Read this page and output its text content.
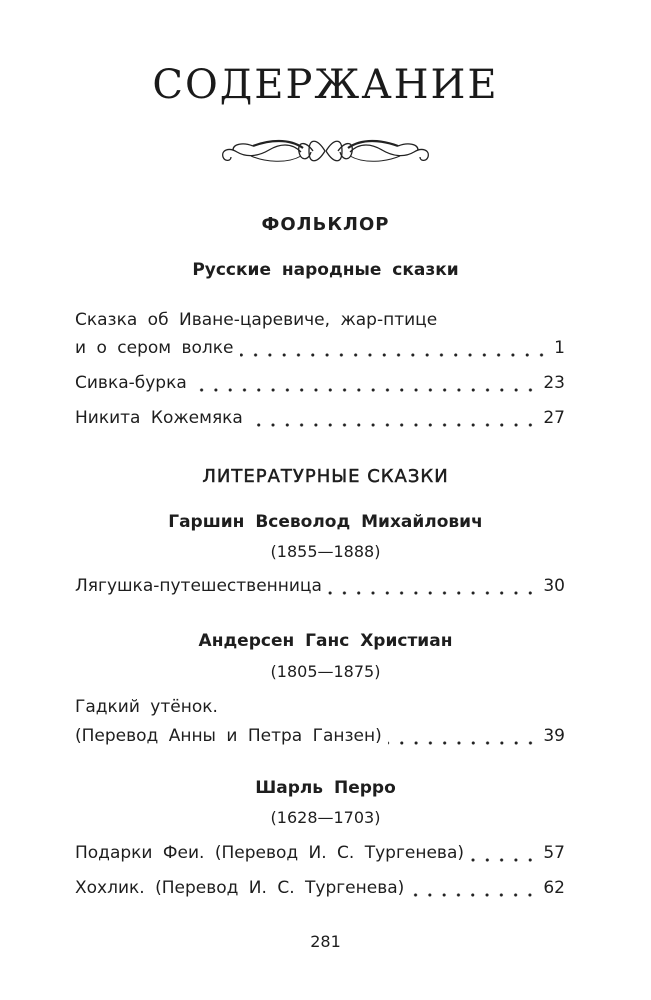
СОДЕРЖАНИЕ
ФОЛЬКЛОР
Русские народные сказки
Сказка об Иване-царевиче, жар-птице
и о сером волке	1
Сивка-бурка	23
Никита Кожемяка	27
ЛИТЕРАТУРНЫЕ СКАЗКИ
Гаршин Всеволод Михайлович
(1855—1888)
Лягушка-путешественница	30
Андерсен Ганс Христиан
(1805—1875)
Гадкий утёнок.
(Перевод Анны и Петра Ганзен)	39
Шарль Перро
(1628—1703)
Подарки Феи. (Перевод И. С. Тургенева)	57
Хохлик. (Перевод И. С. Тургенева)	62
281
